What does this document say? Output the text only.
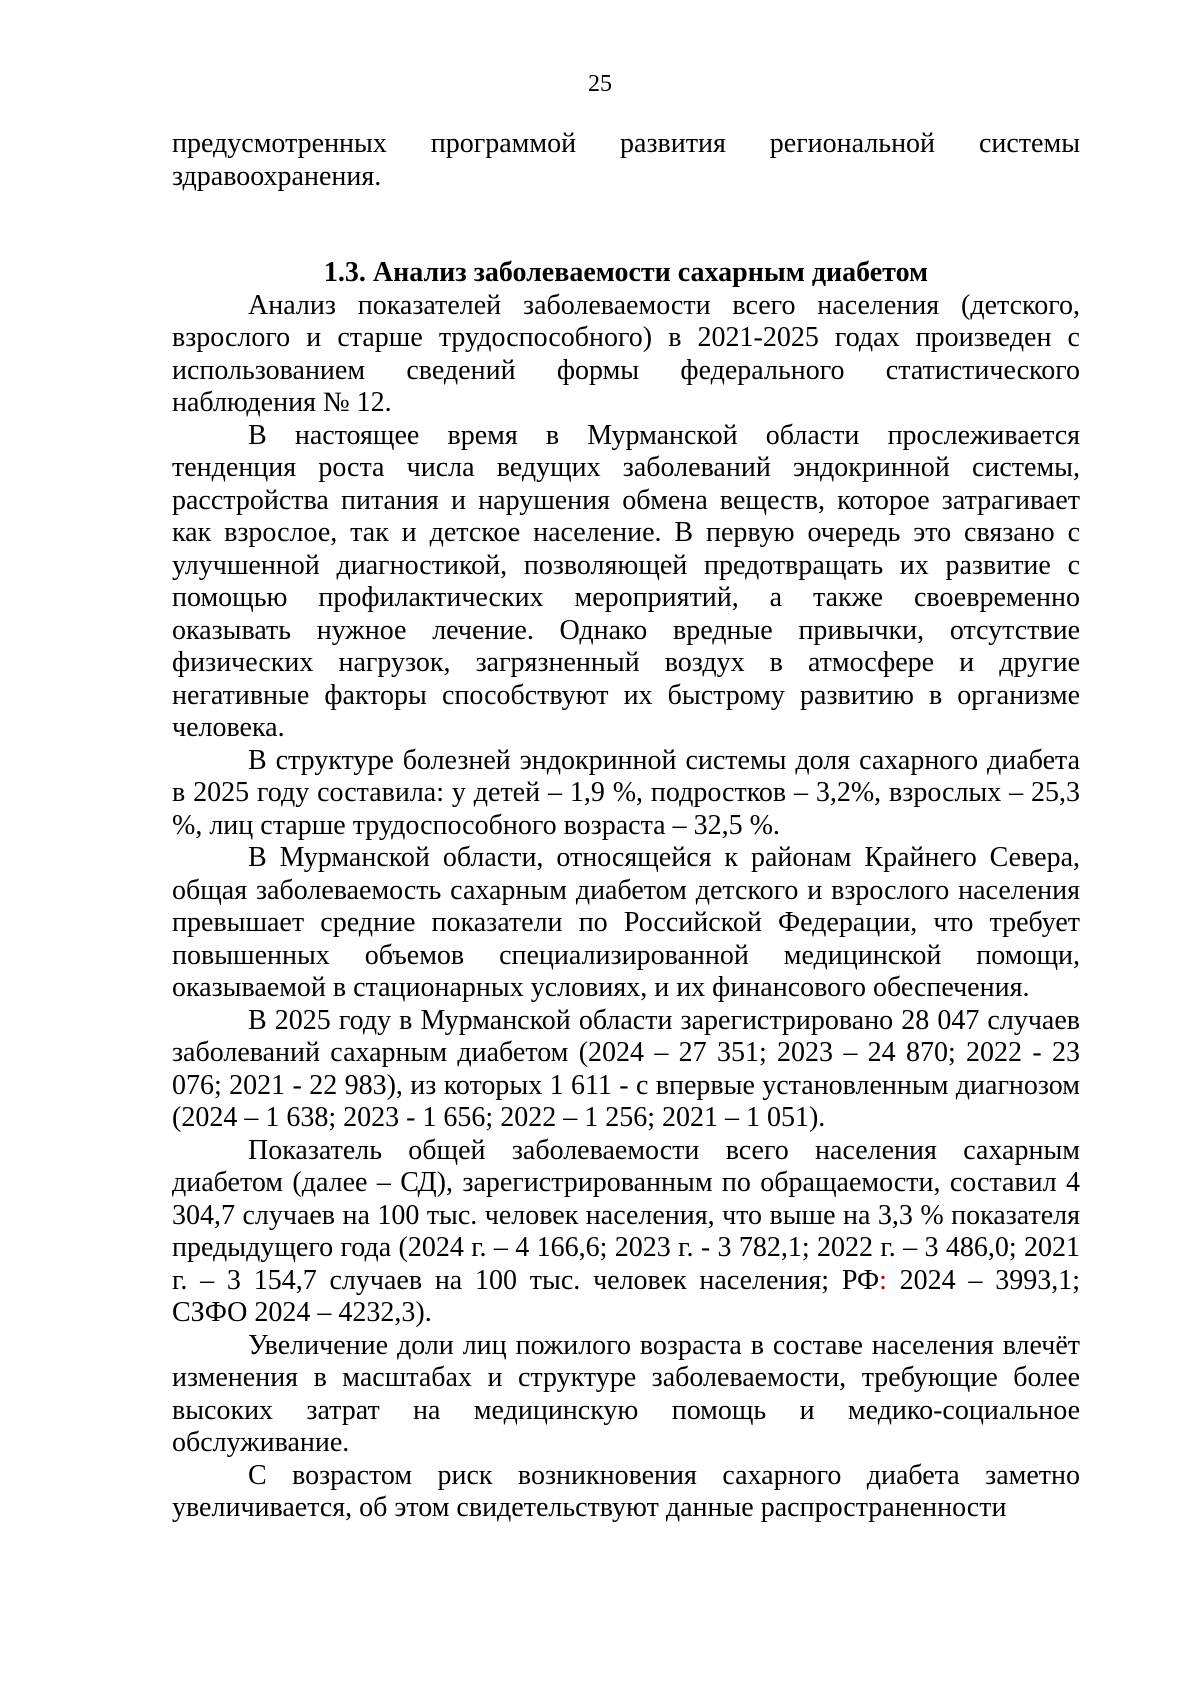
25

предусмотренных программой развития региональной системы здравоохранения.

1.3. Анализ заболеваемости сахарным диабетом

Анализ показателей заболеваемости всего населения (детского, взрослого и старше трудоспособного) в 2021-2025 годах произведен с использованием сведений формы федерального статистического наблюдения № 12.

В настоящее время в Мурманской области прослеживается тенденция роста числа ведущих заболеваний эндокринной системы, расстройства питания и нарушения обмена веществ, которое затрагивает как взрослое, так и детское население. В первую очередь это связано с улучшенной диагностикой, позволяющей предотвращать их развитие с помощью профилактических мероприятий, а также своевременно оказывать нужное лечение. Однако вредные привычки, отсутствие физических нагрузок, загрязненный воздух в атмосфере и другие негативные факторы способствуют их быстрому развитию в организме человека.

В структуре болезней эндокринной системы доля сахарного диабета в 2025 году составила: у детей – 1,9 %, подростков – 3,2%, взрослых – 25,3 %, лиц старше трудоспособного возраста – 32,5 %.

В Мурманской области, относящейся к районам Крайнего Севера, общая заболеваемость сахарным диабетом детского и взрослого населения превышает средние показатели по Российской Федерации, что требует повышенных объемов специализированной медицинской помощи, оказываемой в стационарных условиях, и их финансового обеспечения.

В 2025 году в Мурманской области зарегистрировано 28 047 случаев заболеваний сахарным диабетом (2024 – 27 351; 2023 – 24 870; 2022 - 23 076; 2021 - 22 983), из которых 1 611 - с впервые установленным диагнозом (2024 – 1 638; 2023 - 1 656; 2022 – 1 256; 2021 – 1 051).

Показатель общей заболеваемости всего населения сахарным диабетом (далее – СД), зарегистрированным по обращаемости, составил 4 304,7 случаев на 100 тыс. человек населения, что выше на 3,3 % показателя предыдущего года (2024 г. – 4 166,6; 2023 г. - 3 782,1; 2022 г. – 3 486,0; 2021 г. – 3 154,7 случаев на 100 тыс. человек населения; РФ: 2024 – 3993,1; СЗФО 2024 – 4232,3).

Увеличение доли лиц пожилого возраста в составе населения влечёт изменения в масштабах и структуре заболеваемости, требующие более высоких затрат на медицинскую помощь и медико-социальное обслуживание.

С возрастом риск возникновения сахарного диабета заметно увеличивается, об этом свидетельствуют данные распространенности
